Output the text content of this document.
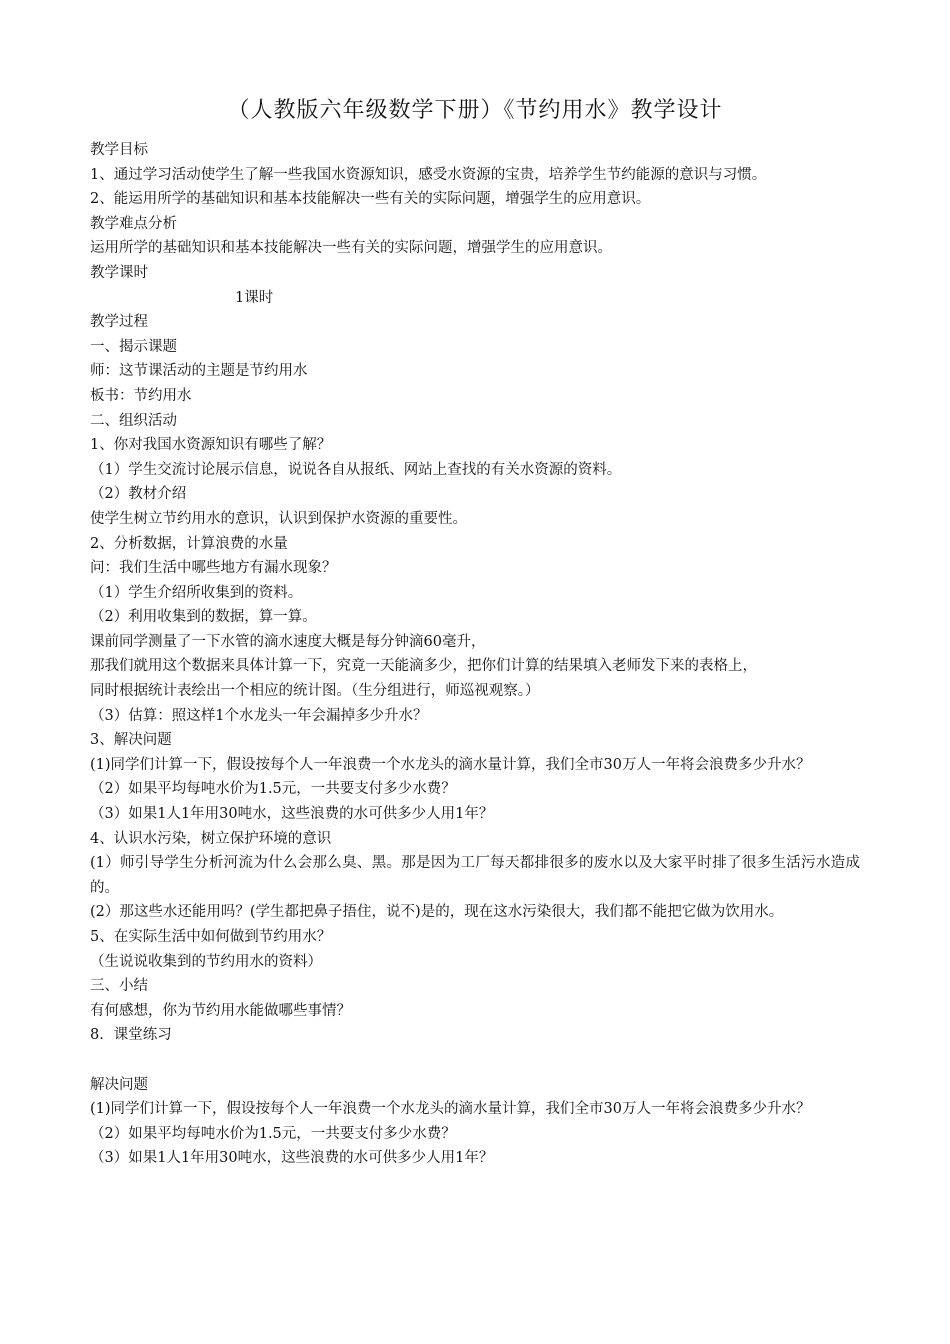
（人教版六年级数学下册）《节约用水》教学设计

教学目标

1、通过学习活动使学生了解一些我国水资源知识，感受水资源的宝贵，培养学生节约能源的意识与习惯。

2、能运用所学的基础知识和基本技能解决一些有关的实际问题，增强学生的应用意识。

教学难点分析

运用所学的基础知识和基本技能解决一些有关的实际问题，增强学生的应用意识。

教学课时

1课时

教学过程

一、揭示课题

师：这节课活动的主题是节约用水

板书：节约用水

二、组织活动

1、你对我国水资源知识有哪些了解？

（1）学生交流讨论展示信息，说说各自从报纸、网站上查找的有关水资源的资料。

（2）教材介绍

使学生树立节约用水的意识，认识到保护水资源的重要性。

2、分析数据，计算浪费的水量

问：我们生活中哪些地方有漏水现象？

（1）学生介绍所收集到的资料。

（2）利用收集到的数据，算一算。

课前同学测量了一下水管的滴水速度大概是每分钟滴60毫升，

那我们就用这个数据来具体计算一下，究竟一天能滴多少，把你们计算的结果填入老师发下来的表格上，

同时根据统计表绘出一个相应的统计图。（生分组进行，师巡视观察。）

（3）估算：照这样1个水龙头一年会漏掉多少升水？

3、解决问题

(1)同学们计算一下，假设按每个人一年浪费一个水龙头的滴水量计算，我们全市30万人一年将会浪费多少升水？

（2）如果平均每吨水价为1.5元，一共要支付多少水费？

（3）如果1人1年用30吨水，这些浪费的水可供多少人用1年？

4、认识水污染，树立保护环境的意识

(1）师引导学生分析河流为什么会那么臭、黑。那是因为工厂每天都排很多的废水以及大家平时排了很多生活污水造成的。

(2）那这些水还能用吗？(学生都把鼻子捂住，说不)是的，现在这水污染很大，我们都不能把它做为饮用水。

5、在实际生活中如何做到节约用水？

（生说说收集到的节约用水的资料）

三、小结

有何感想，你为节约用水能做哪些事情？

8．课堂练习

解决问题

(1)同学们计算一下，假设按每个人一年浪费一个水龙头的滴水量计算，我们全市30万人一年将会浪费多少升水？

（2）如果平均每吨水价为1.5元，一共要支付多少水费？

（3）如果1人1年用30吨水，这些浪费的水可供多少人用1年？
